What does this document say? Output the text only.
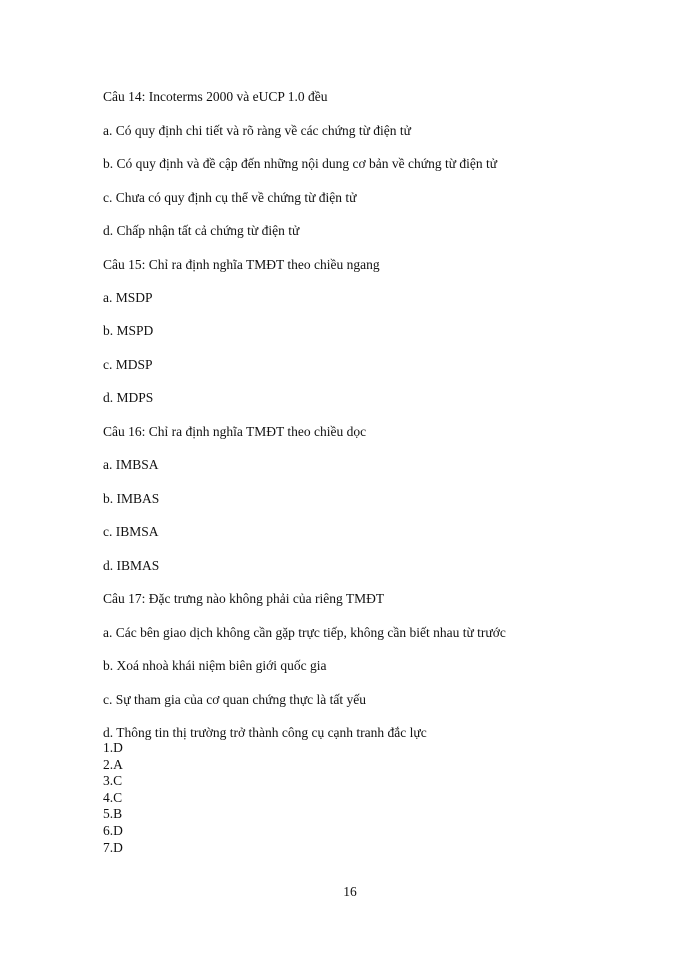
Câu 14: Incoterms 2000 và eUCP 1.0 đều
a. Có quy định chi tiết và rõ ràng về các chứng từ điện tử
b. Có quy định và đề cập đến những nội dung cơ bản về chứng từ điện tử
c. Chưa có quy định cụ thể về chứng từ điện tử
d. Chấp nhận tất cả chứng từ điện tử
Câu 15: Chỉ ra định nghĩa TMĐT theo chiều ngang
a. MSDP
b. MSPD
c. MDSP
d. MDPS
Câu 16: Chỉ ra định nghĩa TMĐT theo chiều dọc
a. IMBSA
b. IMBAS
c. IBMSA
d. IBMAS
Câu 17: Đặc trưng nào không phải của riêng TMĐT
a. Các bên giao dịch không cần gặp trực tiếp, không cần biết nhau từ trước
b. Xoá nhoà khái niệm biên giới quốc gia
c. Sự tham gia của cơ quan chứng thực là tất yếu
d. Thông tin thị trường trở thành công cụ cạnh tranh đắc lực
1.D
2.A
3.C
4.C
5.B
6.D
7.D
16
